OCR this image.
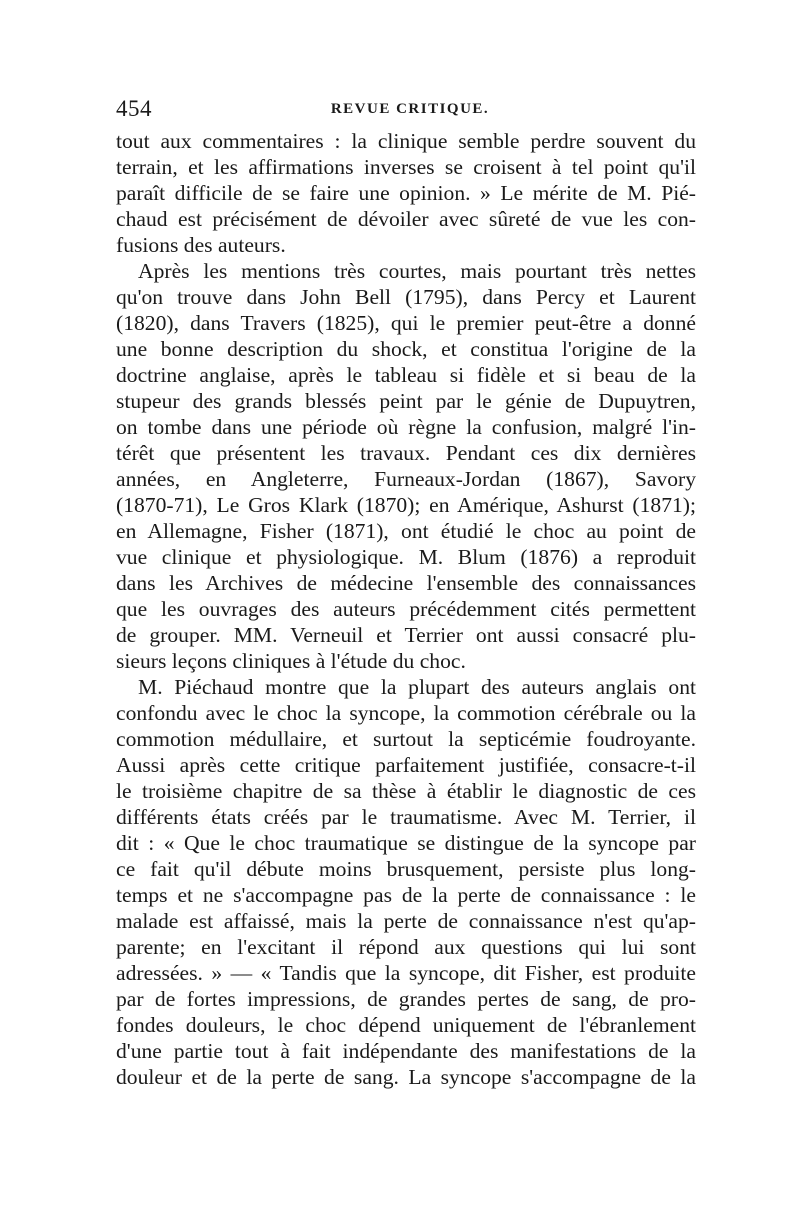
454	REVUE CRITIQUE.
tout aux commentaires : la clinique semble perdre souvent du
terrain, et les affirmations inverses se croisent à tel point qu'il
paraît difficile de se faire une opinion. » Le mérite de M. Pié-
chaud est précisément de dévoiler avec sûreté de vue les con-
fusions des auteurs.
Après les mentions très courtes, mais pourtant très nettes
qu'on trouve dans John Bell (1795), dans Percy et Laurent
(1820), dans Travers (1825), qui le premier peut-être a donné
une bonne description du shock, et constitua l'origine de la
doctrine anglaise, après le tableau si fidèle et si beau de la
stupeur des grands blessés peint par le génie de Dupuytren,
on tombe dans une période où règne la confusion, malgré l'in-
térêt que présentent les travaux. Pendant ces dix dernières
années, en Angleterre, Furneaux-Jordan (1867), Savory
(1870-71), Le Gros Klark (1870); en Amérique, Ashurst (1871);
en Allemagne, Fisher (1871), ont étudié le choc au point de
vue clinique et physiologique. M. Blum (1876) a reproduit
dans les Archives de médecine l'ensemble des connaissances
que les ouvrages des auteurs précédemment cités permettent
de grouper. MM. Verneuil et Terrier ont aussi consacré plu-
sieurs leçons cliniques à l'étude du choc.
M. Piéchaud montre que la plupart des auteurs anglais ont
confondu avec le choc la syncope, la commotion cérébrale ou la
commotion médullaire, et surtout la septicémie foudroyante.
Aussi après cette critique parfaitement justifiée, consacre-t-il
le troisième chapitre de sa thèse à établir le diagnostic de ces
différents états créés par le traumatisme. Avec M. Terrier, il
dit : « Que le choc traumatique se distingue de la syncope par
ce fait qu'il débute moins brusquement, persiste plus long-
temps et ne s'accompagne pas de la perte de connaissance : le
malade est affaissé, mais la perte de connaissance n'est qu'ap-
parente; en l'excitant il répond aux questions qui lui sont
adressées. » — « Tandis que la syncope, dit Fisher, est produite
par de fortes impressions, de grandes pertes de sang, de pro-
fondes douleurs, le choc dépend uniquement de l'ébranlement
d'une partie tout à fait indépendante des manifestations de la
douleur et de la perte de sang. La syncope s'accompagne de la
